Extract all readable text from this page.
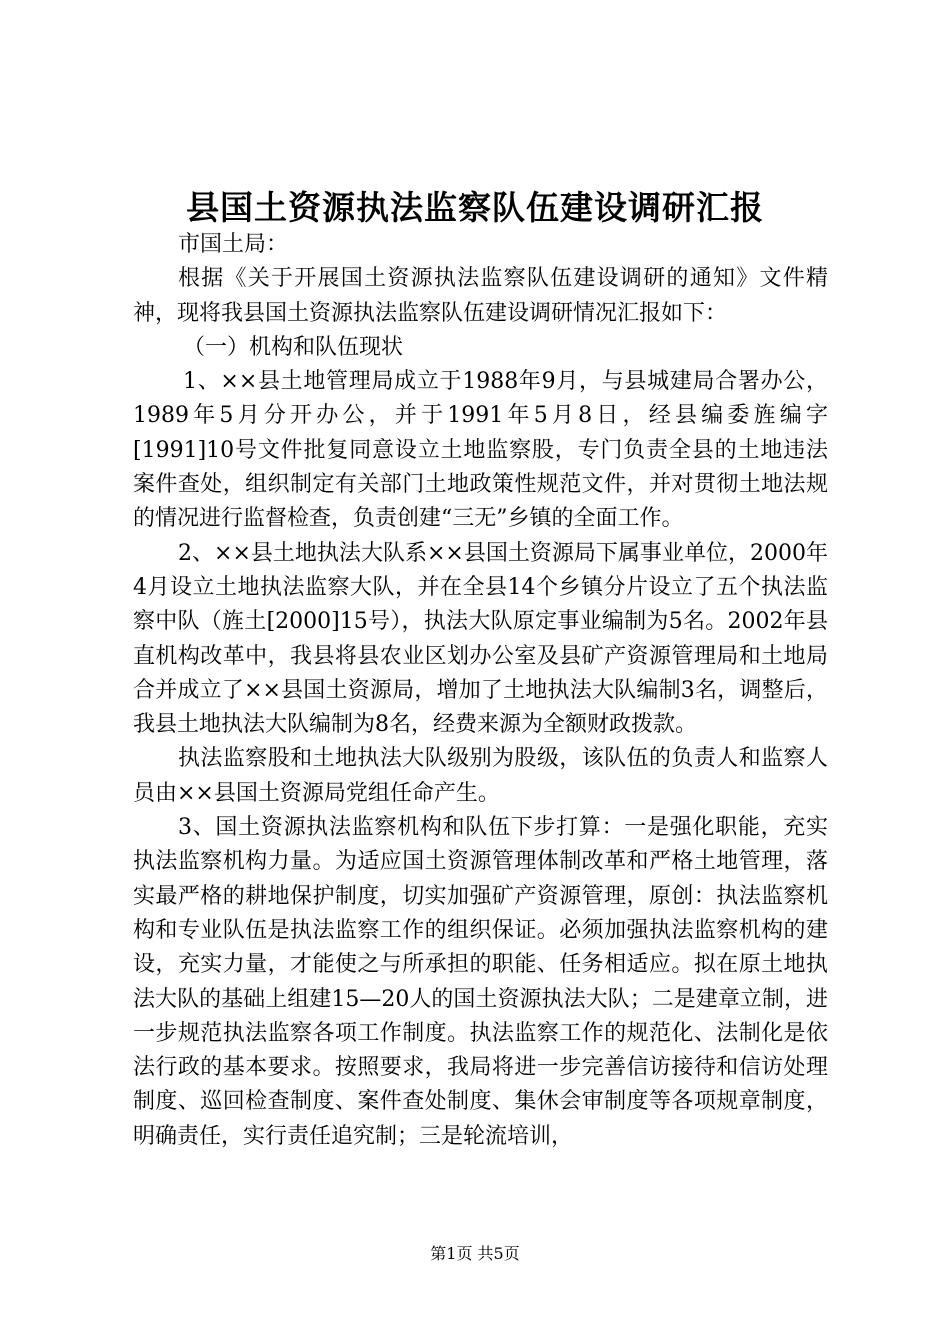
县国土资源执法监察队伍建设调研汇报

市国土局：

根据《关于开展国土资源执法监察队伍建设调研的通知》文件精神，现将我县国土资源执法监察队伍建设调研情况汇报如下：

（一）机构和队伍现状

1、××县土地管理局成立于1988年9月，与县城建局合署办公，1989年5月分开办公，并于1991年5月8日，经县编委旌编字[1991]10号文件批复同意设立土地监察股，专门负责全县的土地违法案件查处，组织制定有关部门土地政策性规范文件，并对贯彻土地法规的情况进行监督检查，负责创建“三无”乡镇的全面工作。

2、××县土地执法大队系××县国土资源局下属事业单位，2000年4月设立土地执法监察大队，并在全县14个乡镇分片设立了五个执法监察中队（旌土[2000]15号），执法大队原定事业编制为5名。2002年县直机构改革中，我县将县农业区划办公室及县矿产资源管理局和土地局合并成立了××县国土资源局，增加了土地执法大队编制3名，调整后，我县土地执法大队编制为8名，经费来源为全额财政拨款。

执法监察股和土地执法大队级别为股级，该队伍的负责人和监察人员由××县国土资源局党组任命产生。

3、国土资源执法监察机构和队伍下步打算：一是强化职能，充实执法监察机构力量。为适应国土资源管理体制改革和严格土地管理，落实最严格的耕地保护制度，切实加强矿产资源管理，原创：执法监察机构和专业队伍是执法监察工作的组织保证。必须加强执法监察机构的建设，充实力量，才能使之与所承担的职能、任务相适应。拟在原土地执法大队的基础上组建15—20人的国土资源执法大队；二是建章立制，进一步规范执法监察各项工作制度。执法监察工作的规范化、法制化是依法行政的基本要求。按照要求，我局将进一步完善信访接待和信访处理制度、巡回检查制度、案件查处制度、集休会审制度等各项规章制度，明确责任，实行责任追究制；三是轮流培训，

第1页 共5页
